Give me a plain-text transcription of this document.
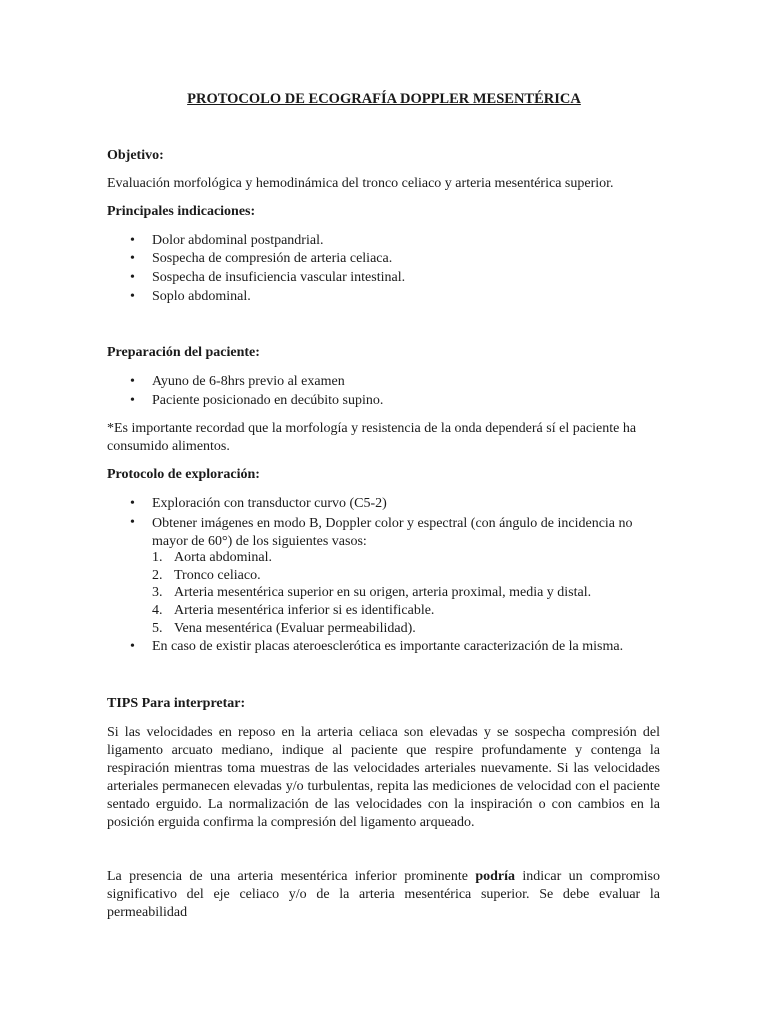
PROTOCOLO DE ECOGRAFÍA DOPPLER MESENTÉRICA
Objetivo:
Evaluación morfológica y hemodinámica del tronco celiaco y arteria mesentérica superior.
Principales indicaciones:
• Dolor abdominal postpandrial.
• Sospecha de compresión de arteria celiaca.
• Sospecha de insuficiencia vascular intestinal.
• Soplo abdominal.
Preparación del paciente:
• Ayuno de 6-8hrs previo al examen
• Paciente posicionado en decúbito supino.
*Es importante recordad que la morfología y resistencia de la onda dependerá sí el paciente ha
consumido alimentos.
Protocolo de exploración:
• Exploración con transductor curvo (C5-2)
• Obtener imágenes en modo B, Doppler color y espectral (con ángulo de incidencia no mayor de 60°) de los siguientes vasos:
1. Aorta abdominal.
2. Tronco celiaco.
3. Arteria mesentérica superior en su origen, arteria proximal, media y distal.
4. Arteria mesentérica inferior si es identificable.
5. Vena mesentérica (Evaluar permeabilidad).
• En caso de existir placas ateroesclerótica es importante caracterización de la misma.
TIPS Para interpretar:
Si las velocidades en reposo en la arteria celiaca son elevadas y se sospecha compresión del ligamento arcuato mediano, indique al paciente que respire profundamente y contenga la respiración mientras toma muestras de las velocidades arteriales nuevamente. Si las velocidades arteriales permanecen elevadas y/o turbulentas, repita las mediciones de velocidad con el paciente sentado erguido. La normalización de las velocidades con la inspiración o con cambios en la posición erguida confirma la compresión del ligamento arqueado.
La presencia de una arteria mesentérica inferior prominente podría indicar un compromiso significativo del eje celiaco y/o de la arteria mesentérica superior. Se debe evaluar la permeabilidad
